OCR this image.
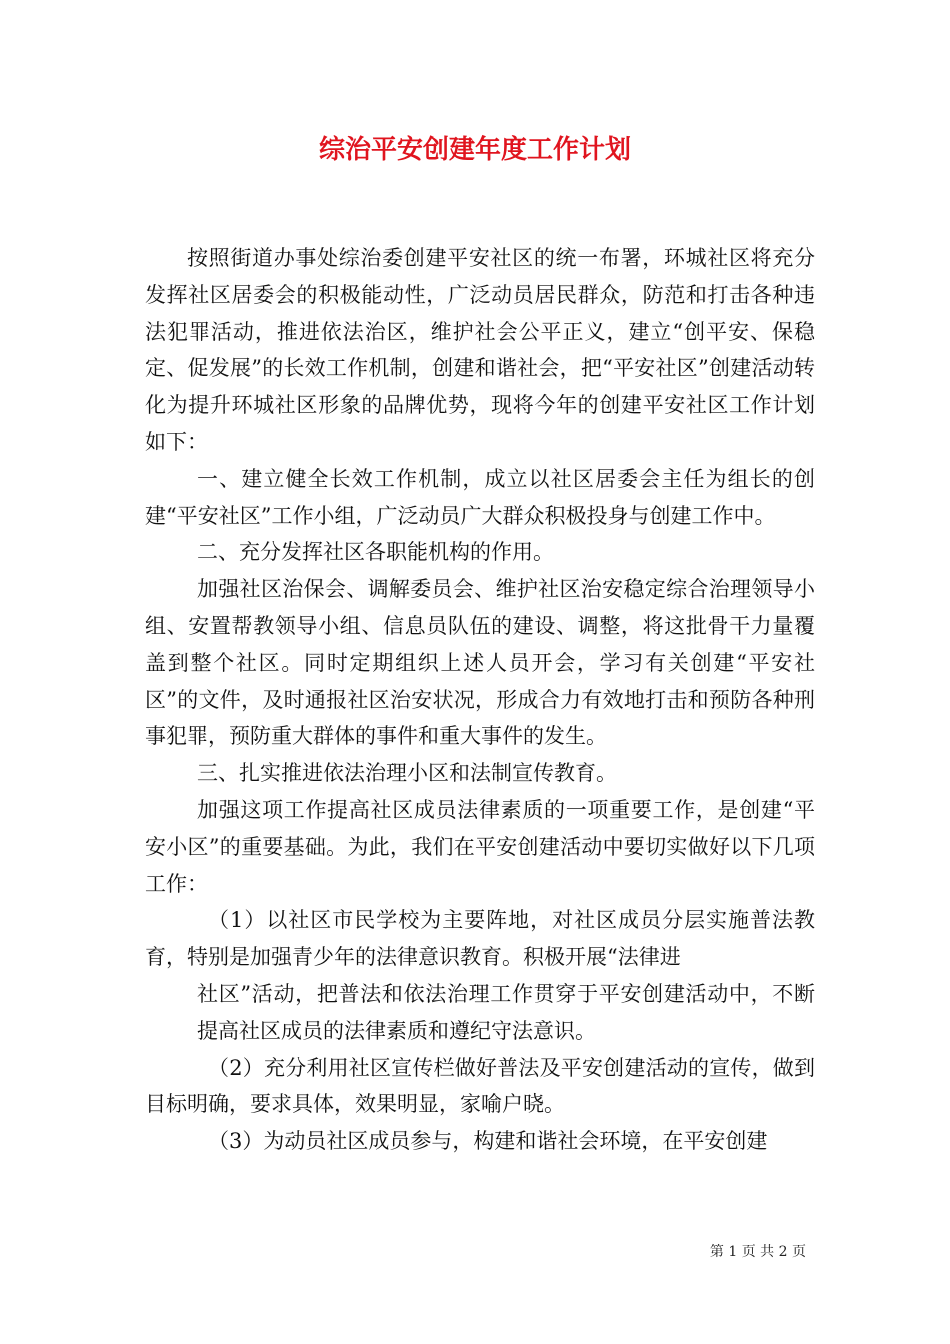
综治平安创建年度工作计划

按照街道办事处综治委创建平安社区的统一布署，环城社区将充分发挥社区居委会的积极能动性，广泛动员居民群众，防范和打击各种违法犯罪活动，推进依法治区，维护社会公平正义，建立“创平安、保稳定、促发展”的长效工作机制，创建和谐社会，把“平安社区”创建活动转化为提升环城社区形象的品牌优势，现将今年的创建平安社区工作计划如下：

一、建立健全长效工作机制，成立以社区居委会主任为组长的创建“平安社区”工作小组，广泛动员广大群众积极投身与创建工作中。

二、充分发挥社区各职能机构的作用。

加强社区治保会、调解委员会、维护社区治安稳定综合治理领导小组、安置帮教领导小组、信息员队伍的建设、调整，将这批骨干力量覆盖到整个社区。同时定期组织上述人员开会，学习有关创建“平安社区”的文件，及时通报社区治安状况，形成合力有效地打击和预防各种刑事犯罪，预防重大群体的事件和重大事件的发生。

三、扎实推进依法治理小区和法制宣传教育。

加强这项工作提高社区成员法律素质的一项重要工作，是创建“平安小区”的重要基础。为此，我们在平安创建活动中要切实做好以下几项工作：

（1）以社区市民学校为主要阵地，对社区成员分层实施普法教育，特别是加强青少年的法律意识教育。积极开展“法律进

社区”活动，把普法和依法治理工作贯穿于平安创建活动中，不断提高社区成员的法律素质和遵纪守法意识。

（2）充分利用社区宣传栏做好普法及平安创建活动的宣传，做到目标明确，要求具体，效果明显，家喻户晓。

（3）为动员社区成员参与，构建和谐社会环境，在平安创建

第 1 页 共 2 页
